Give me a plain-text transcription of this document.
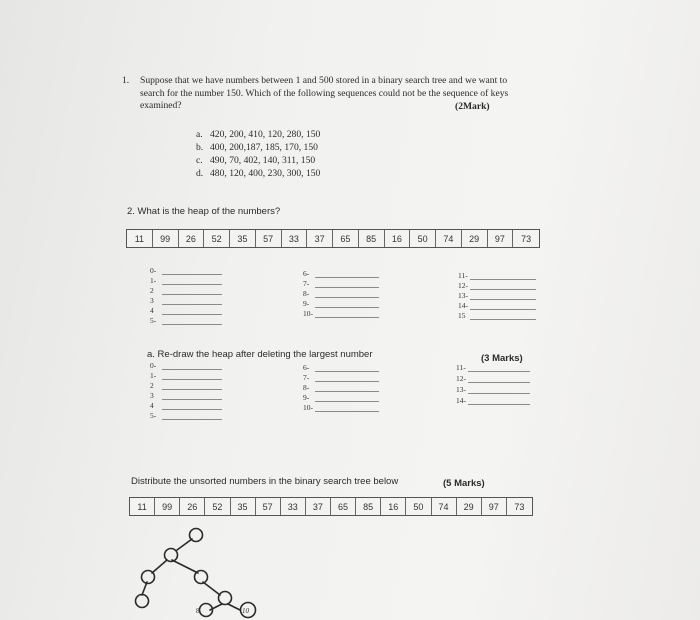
1. Suppose that we have numbers between 1 and 500 stored in a binary search tree and we want to
search for the number 150. Which of the following sequences could not be the sequence of keys
examined?	(2Mark)
a. 420, 200, 410, 120, 280, 150
b. 400, 200,187, 185, 170, 150
c. 490, 70, 402, 140, 311, 150
d. 480, 120, 400, 230, 300, 150
2. What is the heap of the numbers?
11	99	26	52	35	57	33	37	65	85	16	50	74	29	97	73
0-
1-
2
3
4
5-
6-
7-
8-
9-
10-
11-
12-
13-
14-
15
a. Re-draw the heap after deleting the largest number	(3 Marks)
0-
1-
2
3
4
5-
6-
7-
8-
9-
10-
11-
12-
13-
14-
Distribute the unsorted numbers in the binary search tree below	(5 Marks)
11	99	26	52	35	57	33	37	65	85	16	50	74	29	97	73
8	10
